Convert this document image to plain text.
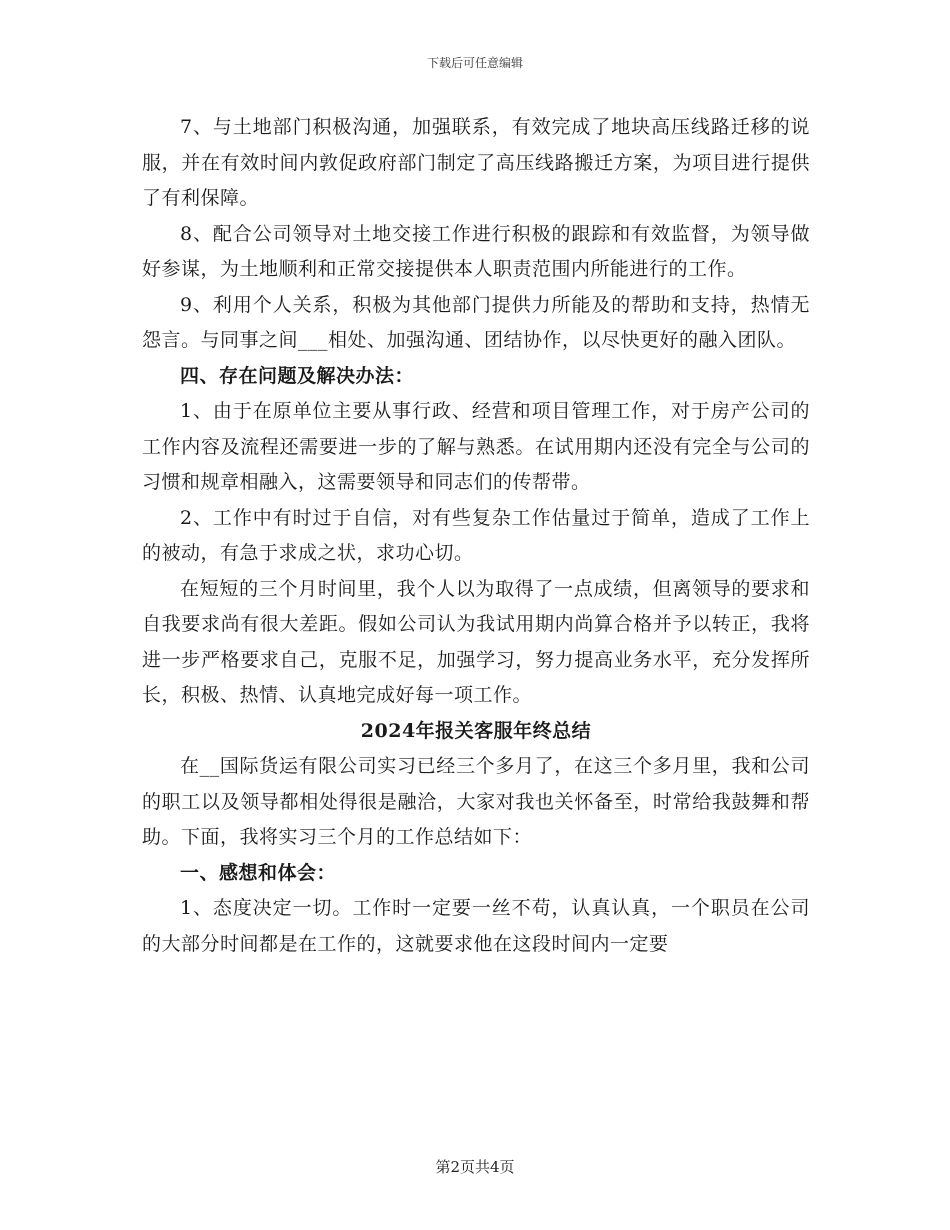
下载后可任意编辑

7、与土地部门积极沟通，加强联系，有效完成了地块高压线路迁移的说服，并在有效时间内敦促政府部门制定了高压线路搬迁方案，为项目进行提供了有利保障。

8、配合公司领导对土地交接工作进行积极的跟踪和有效监督，为领导做好参谋，为土地顺利和正常交接提供本人职责范围内所能进行的工作。

9、利用个人关系，积极为其他部门提供力所能及的帮助和支持，热情无怨言。与同事之间___相处、加强沟通、团结协作，以尽快更好的融入团队。

四、存在问题及解决办法：

1、由于在原单位主要从事行政、经营和项目管理工作，对于房产公司的工作内容及流程还需要进一步的了解与熟悉。在试用期内还没有完全与公司的习惯和规章相融入，这需要领导和同志们的传帮带。

2、工作中有时过于自信，对有些复杂工作估量过于简单，造成了工作上的被动，有急于求成之状，求功心切。

在短短的三个月时间里，我个人以为取得了一点成绩，但离领导的要求和自我要求尚有很大差距。假如公司认为我试用期内尚算合格并予以转正，我将进一步严格要求自己，克服不足，加强学习，努力提高业务水平，充分发挥所长，积极、热情、认真地完成好每一项工作。

2024年报关客服年终总结

在__国际货运有限公司实习已经三个多月了，在这三个多月里，我和公司的职工以及领导都相处得很是融洽，大家对我也关怀备至，时常给我鼓舞和帮助。下面，我将实习三个月的工作总结如下：

一、感想和体会：

1、态度决定一切。工作时一定要一丝不苟，认真认真，一个职员在公司的大部分时间都是在工作的，这就要求他在这段时间内一定要

第2页共4页
